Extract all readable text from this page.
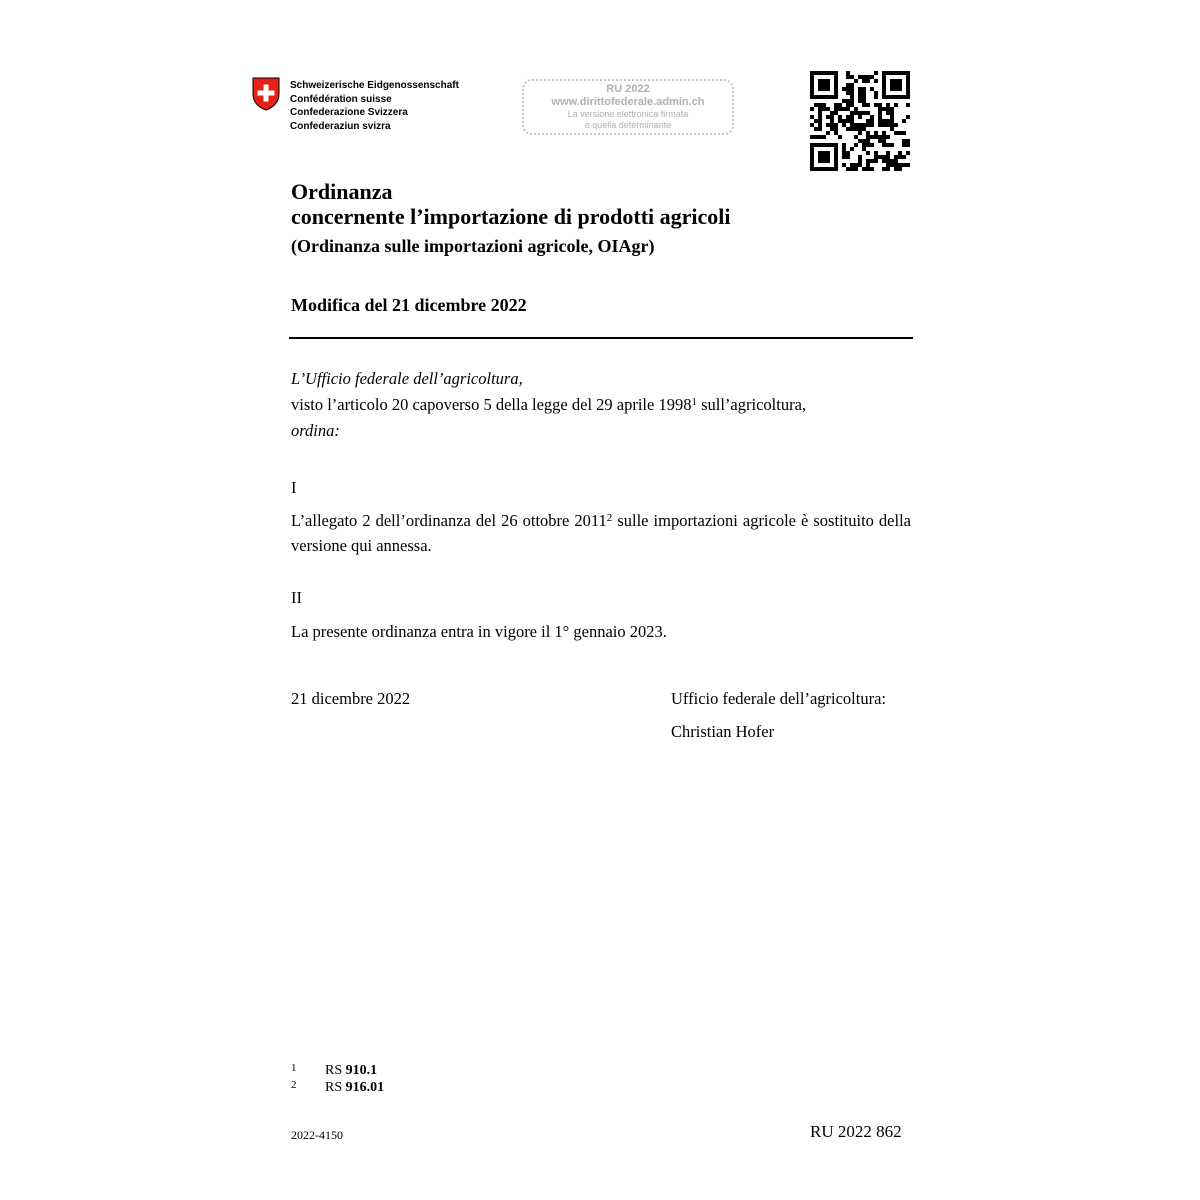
Schweizerische Eidgenossenschaft
Confédération suisse
Confederazione Svizzera
Confederaziun svizra
RU 2022
www.dirittofederale.admin.ch
La versione elettronica firmata
è quella determinante
Ordinanza
concernente l’importazione di prodotti agricoli
(Ordinanza sulle importazioni agricole, OIAgr)
Modifica del 21 dicembre 2022
L’Ufficio federale dell’agricoltura,
visto l’articolo 20 capoverso 5 della legge del 29 aprile 1998$^1$ sull’agricoltura,
ordina:
I
L’allegato 2 dell’ordinanza del 26 ottobre 2011$^2$ sulle importazioni agricole è sostituito della versione qui annessa.
II
La presente ordinanza entra in vigore il 1° gennaio 2023.
21 dicembre 2022	Ufficio federale dell’agricoltura:
Christian Hofer
1 RS 910.1
2 RS 916.01
2022-4150	RU 2022 862
